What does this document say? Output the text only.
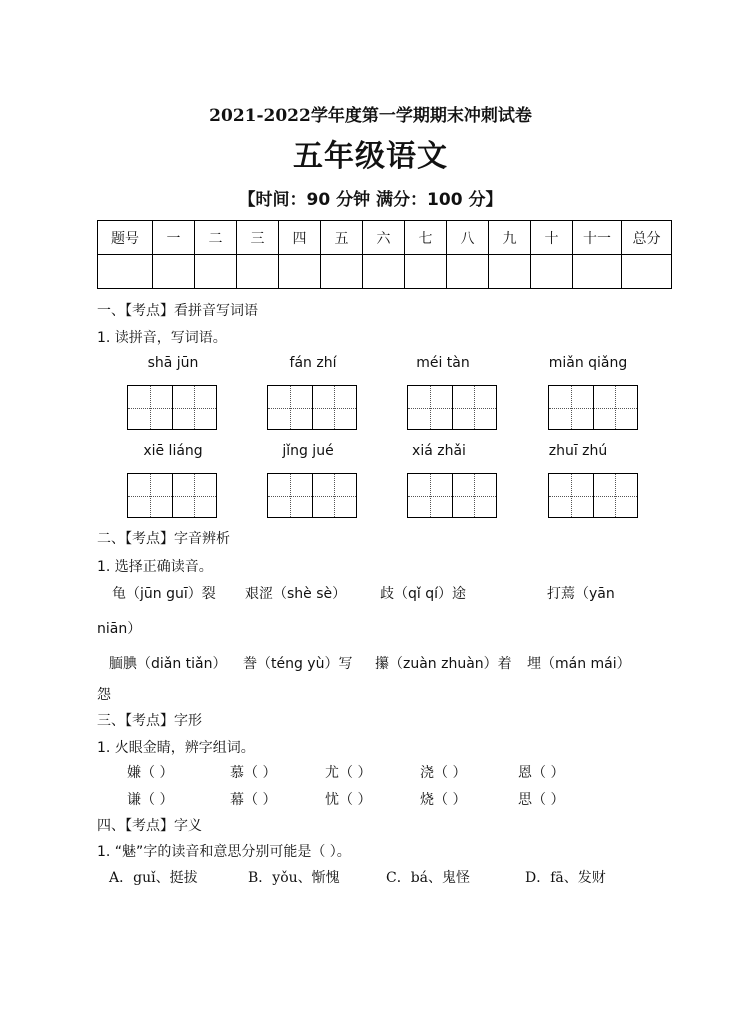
2021-2022学年度第一学期期末冲刺试卷
五年级语文
【时间：90 分钟 满分：100 分】
题号	一	二	三	四	五	六	七	八	九	十	十一	总分

一、【考点】看拼音写词语
1. 读拼音，写词语。
shā jūn	fán zhí	méi tàn	miǎn qiǎng
xiē liáng	jǐng jué	xiá zhǎi	zhuī zhú
二、【考点】字音辨析
1. 选择正确读音。
龟（jūn guī）裂 艰涩（shè sè） 歧（qǐ qí）途	打蔫（yān
niān）
腼腆（diǎn tiǎn） 誊（téng yù）写 攥（zuàn zhuàn）着 埋（mán mái）
怨
三、【考点】字形
1. 火眼金睛，辨字组词。
嫌（ ）	慕（ ）	尤（ ）	浇（ ）	恩（ ）
谦（ ）	幕（ ）	忧（ ）	烧（ ）	思（ ）
四、【考点】字义
1. “魅”字的读音和意思分别可能是（ ）。
A．guǐ、挺拔	B．yǒu、惭愧	C．bá、鬼怪	D．fā、发财
